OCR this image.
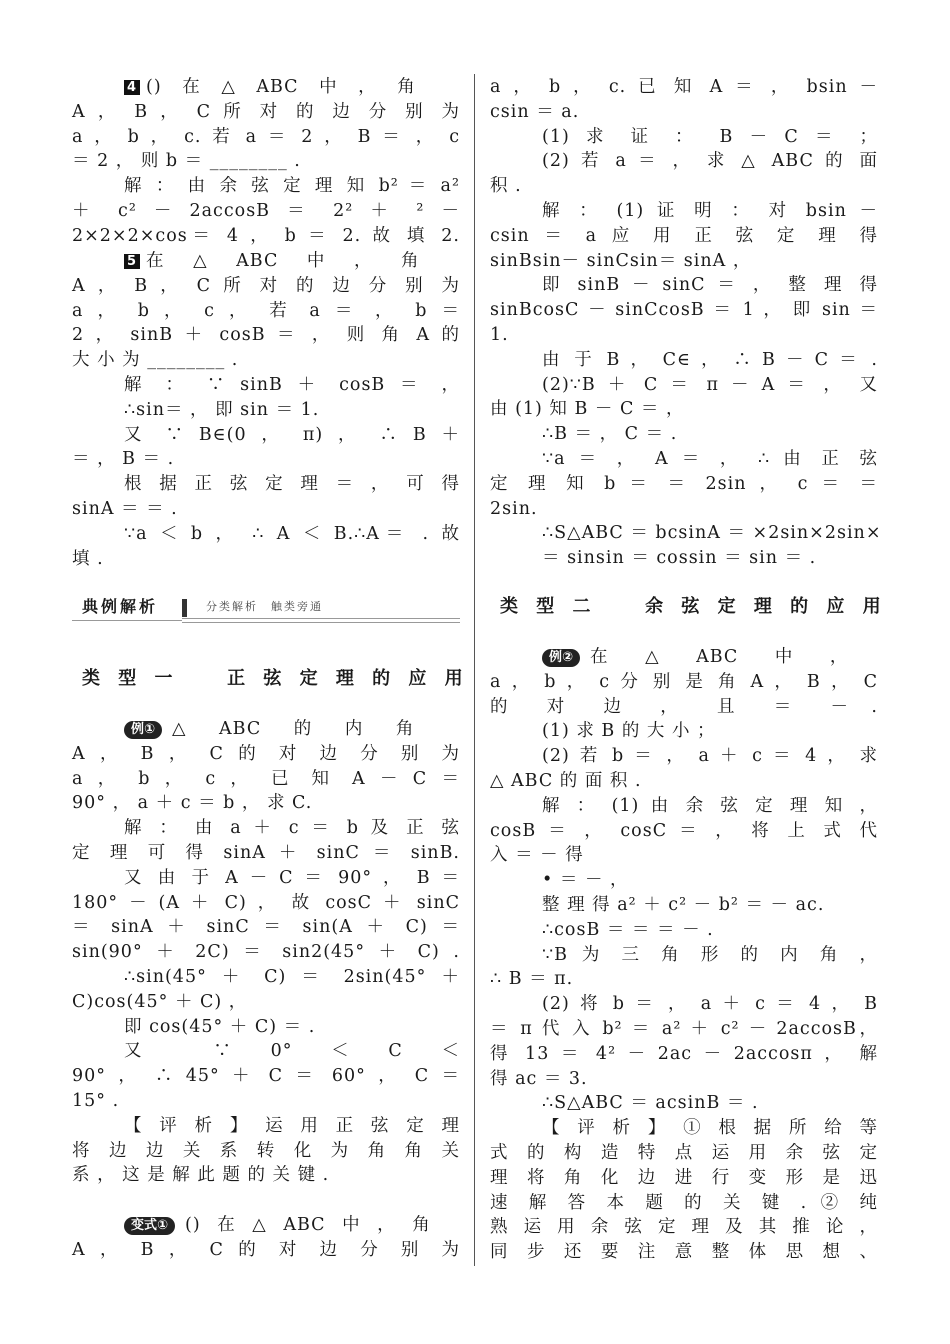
4 () 在 △ ABC 中 ， 角
A ， B ， C 所 对 的 边 分 别 为
a ， b ， c. 若 a ＝ 2 ， B ＝ ， c
＝ 2 ， 则 b ＝ ________ .
解 ： 由 余 弦 定 理 知 b² ＝ a²
＋ c² － 2accosB ＝ 2² ＋ ² －
2×2×2×cos＝ 4 ， b ＝ 2. 故 填 2.
5 在 △ ABC 中 ， 角
A ， B ， C 所 对 的 边 分 别 为
a ， b ， c ， 若 a ＝ ， b ＝
2 ， sinB ＋ cosB ＝ ， 则 角 A 的
大 小 为 ________ .
解 ： ∵ sinB ＋ cosB ＝ ，
∴sin＝ ， 即 sin ＝ 1.
又 ∵ B∈(0 ， π) ， ∴ B ＋
＝ ， B ＝ .
根 据 正 弦 定 理 ＝ ， 可 得
sinA ＝ ＝ .
∵a ＜ b ， ∴ A ＜ B.∴A＝ . 故
填 .
典例解析	分类解析　触类旁通
类 型 一 　 正 弦 定 理 的 应 用
例① △ ABC 的 内 角
A ， B ， C 的 对 边 分 别 为
a ， b ， c ， 已 知 A － C ＝
90° ， a ＋ c ＝ b ， 求 C.
解 ： 由 a ＋ c ＝ b 及 正 弦
定 理 可 得 sinA ＋ sinC ＝ sinB.
又 由 于 A － C ＝ 90° ， B ＝
180° － (A ＋ C) ， 故 cosC ＋ sinC
＝ sinA ＋ sinC ＝ sin(A ＋ C) ＝
sin(90° ＋ 2C) ＝ sin2(45° ＋ C) .
∴sin(45° ＋ C) ＝ 2sin(45° ＋
C)cos(45° ＋ C) ，
即 cos(45° ＋ C) ＝ .
又 ∵ 0° ＜ C ＜
90° ， ∴ 45° ＋ C ＝ 60° ， C ＝
15° .
【 评 析 】 运 用 正 弦 定 理
将 边 边 关 系 转 化 为 角 角 关
系 ， 这 是 解 此 题 的 关 键 .
变式① () 在 △ ABC 中 ， 角
A ， B ， C 的 对 边 分 别 为
a ， b ， c. 已 知 A ＝ ， bsin －
csin ＝ a.
(1) 求 证 ： B － C ＝ ；
(2) 若 a ＝ ， 求 △ ABC 的 面
积 .
解 ： (1) 证 明 ： 对 bsin －
csin ＝ a 应 用 正 弦 定 理 得
sinBsin－ sinCsin＝ sinA ，
即 sinB － sinC ＝ ， 整 理 得
sinBcosC － sinCcosB ＝ 1 ， 即 sin ＝
1.
由 于 B ， C∈ ， ∴ B － C ＝ .
(2)∵B ＋ C ＝ π － A ＝ ， 又
由 (1) 知 B － C ＝ ，
∴B ＝ ， C ＝ .
∵a ＝ ， A ＝ ， ∴ 由 正 弦
定 理 知 b ＝ ＝ 2sin ， c ＝ ＝
2sin.
∴S△ABC ＝ bcsinA ＝ ×2sin×2sin×
＝ sinsin ＝ cossin ＝ sin ＝ .
类 型 二 　 余 弦 定 理 的 应 用
例② 在 △ ABC 中 ，
a ， b ， c 分 别 是 角 A ， B ， C
的 对 边 ， 且 ＝ － .
(1) 求 B 的 大 小 ；
(2) 若 b ＝ ， a ＋ c ＝ 4 ， 求
△ ABC 的 面 积 .
解 ： (1) 由 余 弦 定 理 知 ，
cosB ＝ ， cosC ＝ ， 将 上 式 代
入 ＝ － 得
• ＝ － ，
整 理 得 a² ＋ c² － b² ＝ － ac.
∴cosB ＝ ＝ ＝ － .
∵B 为 三 角 形 的 内 角 ，
∴ B ＝ π.
(2) 将 b ＝ ， a ＋ c ＝ 4 ， B
＝ π 代 入 b² ＝ a² ＋ c² － 2accosB，
得 13 ＝ 4² － 2ac － 2accosπ ， 解
得 ac ＝ 3.
∴S△ABC ＝ acsinB ＝ .
【 评 析 】 ① 根 据 所 给 等
式 的 构 造 特 点 运 用 余 弦 定
理 将 角 化 边 进 行 变 形 是 迅
速 解 答 本 题 的 关 键 . ② 纯
熟 运 用 余 弦 定 理 及 其 推 论 ，
同 步 还 要 注 意 整 体 思 想 、
